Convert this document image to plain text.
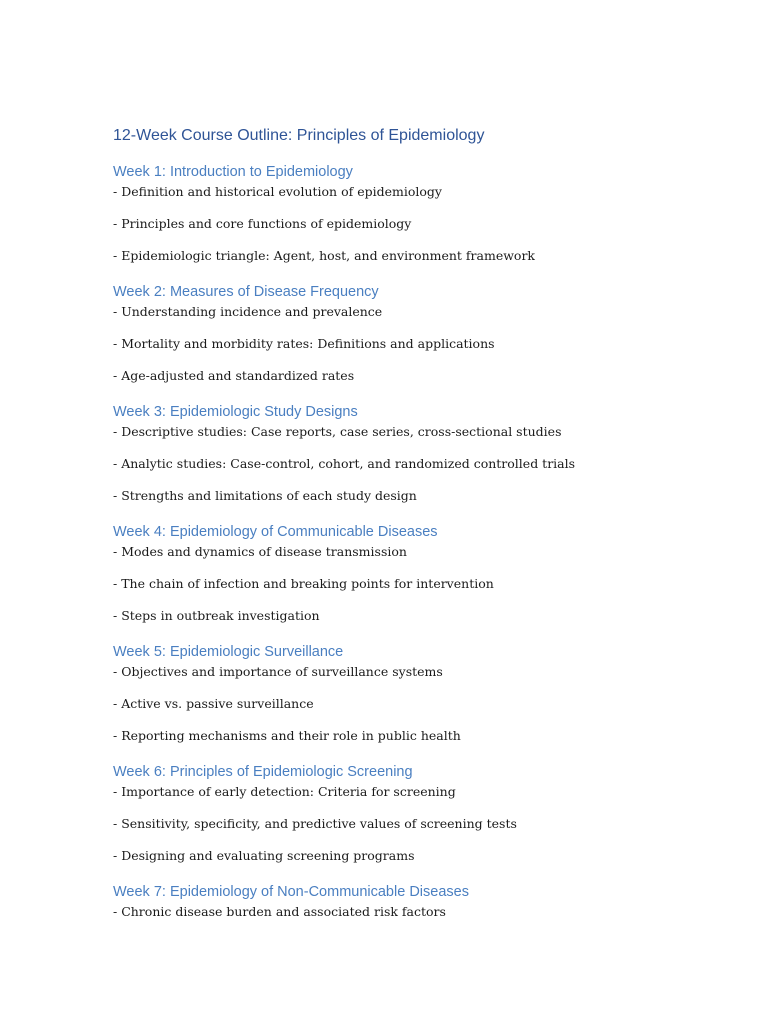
12-Week Course Outline: Principles of Epidemiology
Week 1: Introduction to Epidemiology
- Definition and historical evolution of epidemiology
- Principles and core functions of epidemiology
- Epidemiologic triangle: Agent, host, and environment framework
Week 2: Measures of Disease Frequency
- Understanding incidence and prevalence
- Mortality and morbidity rates: Definitions and applications
- Age-adjusted and standardized rates
Week 3: Epidemiologic Study Designs
- Descriptive studies: Case reports, case series, cross-sectional studies
- Analytic studies: Case-control, cohort, and randomized controlled trials
- Strengths and limitations of each study design
Week 4: Epidemiology of Communicable Diseases
- Modes and dynamics of disease transmission
- The chain of infection and breaking points for intervention
- Steps in outbreak investigation
Week 5: Epidemiologic Surveillance
- Objectives and importance of surveillance systems
- Active vs. passive surveillance
- Reporting mechanisms and their role in public health
Week 6: Principles of Epidemiologic Screening
- Importance of early detection: Criteria for screening
- Sensitivity, specificity, and predictive values of screening tests
- Designing and evaluating screening programs
Week 7: Epidemiology of Non-Communicable Diseases
- Chronic disease burden and associated risk factors
